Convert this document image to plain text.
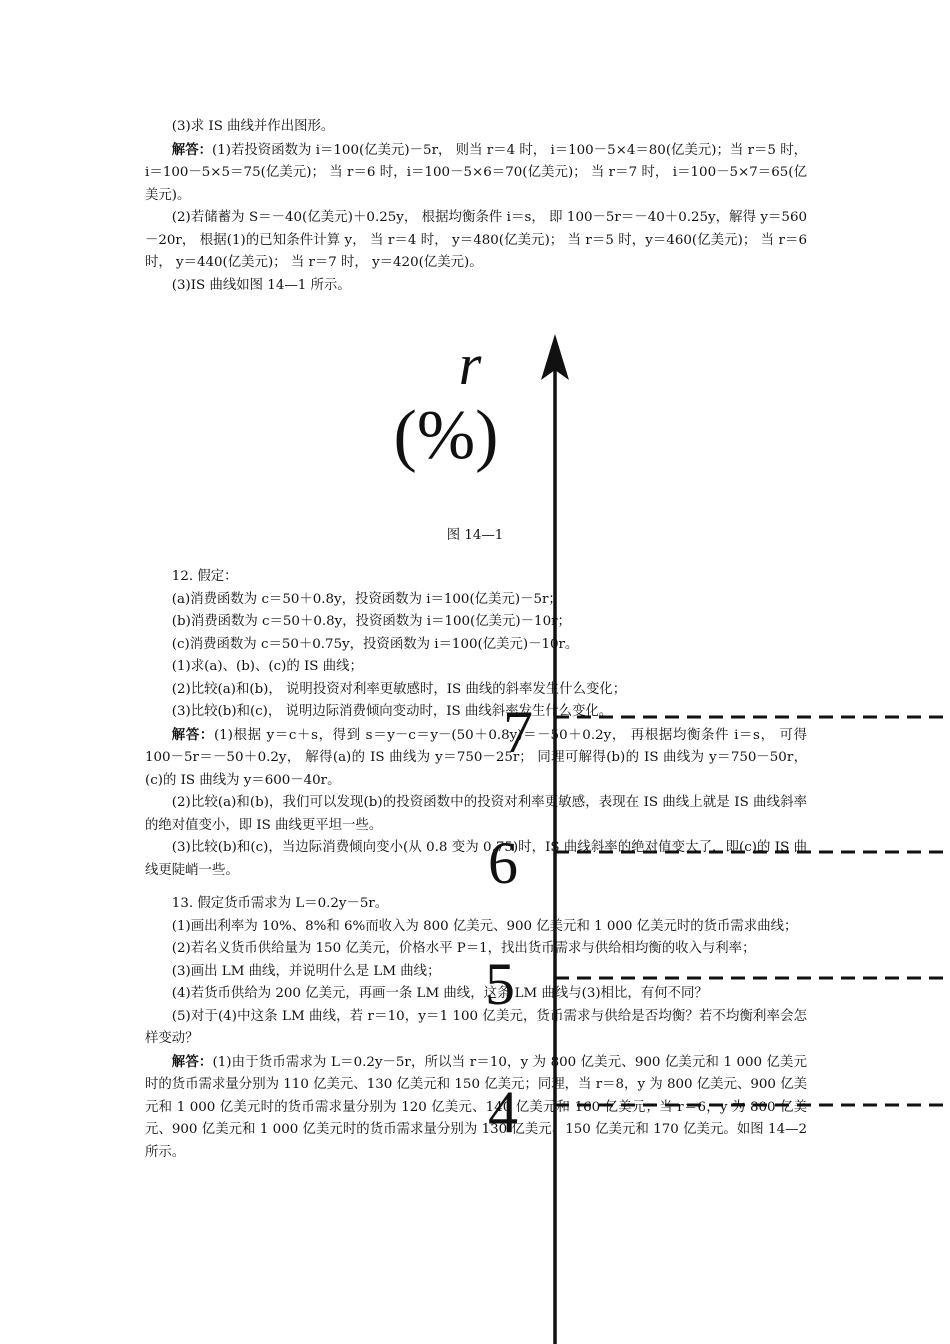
(3)求 IS 曲线并作出图形。

解答：(1)若投资函数为 i＝100(亿美元)－5r， 则当 r＝4 时， i＝100－5×4＝80(亿美元)；当 r＝5 时， i＝100－5×5＝75(亿美元)； 当 r＝6 时，i＝100－5×6＝70(亿美元)； 当 r＝7 时， i＝100－5×7＝65(亿美元)。

(2)若储蓄为 S＝－40(亿美元)＋0.25y， 根据均衡条件 i＝s， 即 100－5r＝－40＋0.25y，解得 y＝560－20r， 根据(1)的已知条件计算 y， 当 r＝4 时， y＝480(亿美元)； 当 r＝5 时，y＝460(亿美元)； 当 r＝6 时， y＝440(亿美元)； 当 r＝7 时， y＝420(亿美元)。

(3)IS 曲线如图 14—1 所示。

图 14—1

12. 假定：

(a)消费函数为 c＝50＋0.8y，投资函数为 i＝100(亿美元)－5r；

(b)消费函数为 c＝50＋0.8y，投资函数为 i＝100(亿美元)－10r；

(c)消费函数为 c＝50＋0.75y，投资函数为 i＝100(亿美元)－10r。

(1)求(a)、(b)、(c)的 IS 曲线；

(2)比较(a)和(b)， 说明投资对利率更敏感时，IS 曲线的斜率发生什么变化；

(3)比较(b)和(c)， 说明边际消费倾向变动时，IS 曲线斜率发生什么变化。

解答：(1)根据 y＝c＋s，得到 s＝y－c＝y－(50＋0.8y)＝－50＋0.2y， 再根据均衡条件 i＝s， 可得 100－5r＝－50＋0.2y， 解得(a)的 IS 曲线为 y＝750－25r； 同理可解得(b)的 IS 曲线为 y＝750－50r， (c)的 IS 曲线为 y＝600－40r。

(2)比较(a)和(b)，我们可以发现(b)的投资函数中的投资对利率更敏感，表现在 IS 曲线上就是 IS 曲线斜率的绝对值变小，即 IS 曲线更平坦一些。

(3)比较(b)和(c)，当边际消费倾向变小(从 0.8 变为 0.75)时，IS 曲线斜率的绝对值变大了，即(c)的 IS 曲线更陡峭一些。

13. 假定货币需求为 L＝0.2y－5r。

(1)画出利率为 10%、8%和 6%而收入为 800 亿美元、900 亿美元和 1 000 亿美元时的货币需求曲线；

(2)若名义货币供给量为 150 亿美元，价格水平 P＝1，找出货币需求与供给相均衡的收入与利率；

(3)画出 LM 曲线，并说明什么是 LM 曲线；

(4)若货币供给为 200 亿美元，再画一条 LM 曲线，这条 LM 曲线与(3)相比，有何不同？

(5)对于(4)中这条 LM 曲线，若 r＝10，y＝1 100 亿美元，货币需求与供给是否均衡？若不均衡利率会怎样变动？

解答：(1)由于货币需求为 L＝0.2y－5r，所以当 r＝10，y 为 800 亿美元、900 亿美元和 1 000 亿美元时的货币需求量分别为 110 亿美元、130 亿美元和 150 亿美元；同理，当 r＝8，y 为 800 亿美元、900 亿美元和 1 000 亿美元时的货币需求量分别为 120 亿美元、140 亿美元和 160 亿美元；当 r＝6，y 为 800 亿美元、900 亿美元和 1 000 亿美元时的货币需求量分别为 130 亿美元、150 亿美元和 170 亿美元。如图 14—2 所示。

r
(%)
7
6
5
4
